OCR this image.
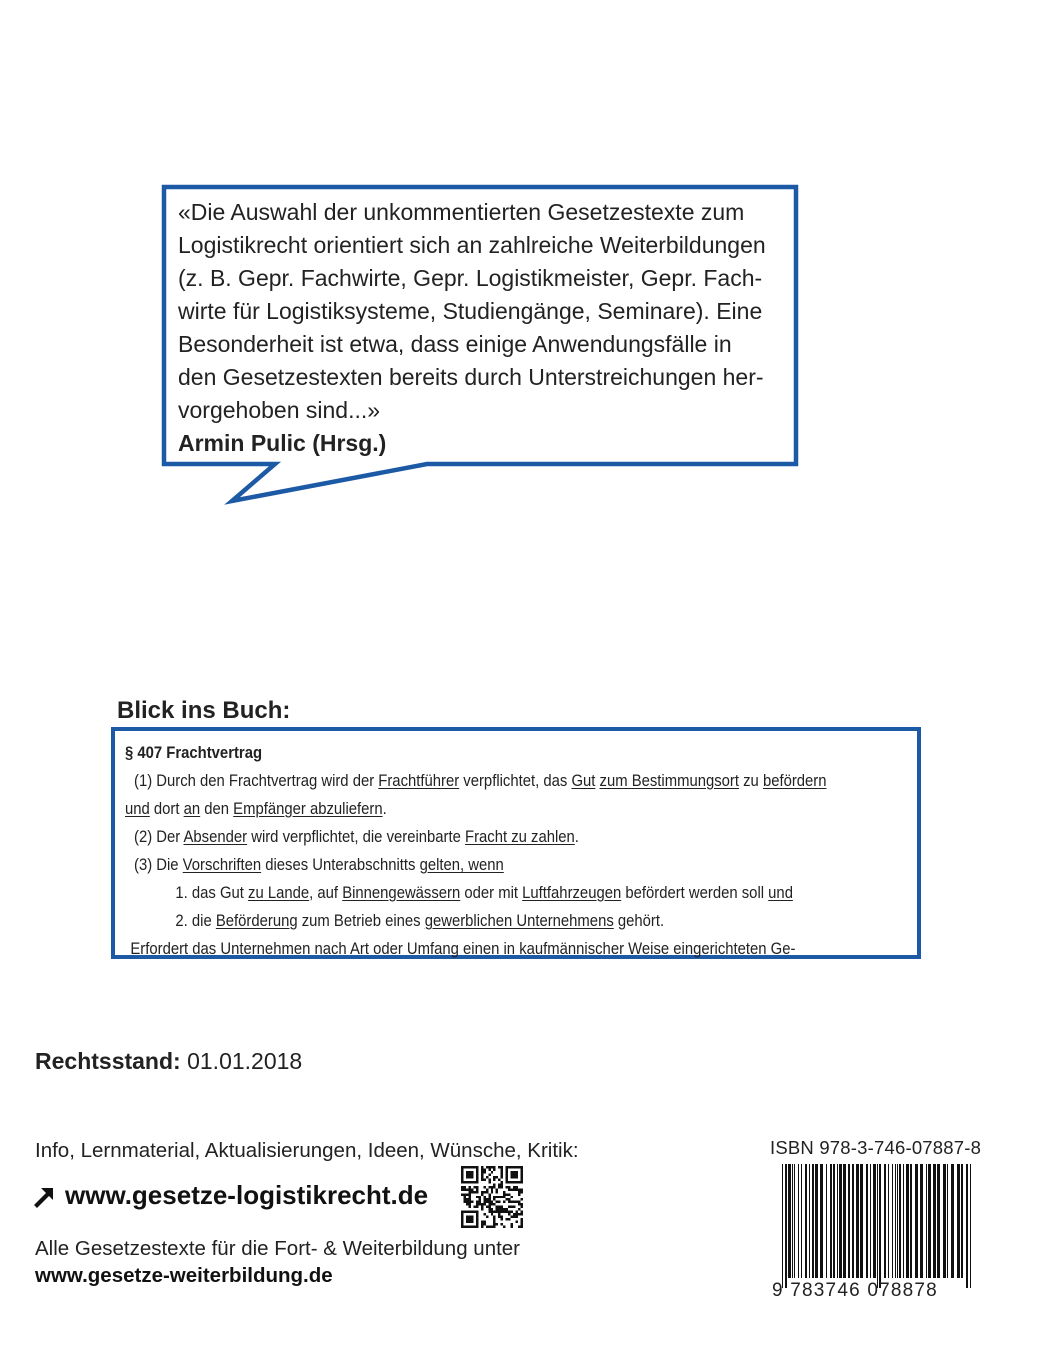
«Die Auswahl der unkommentierten Gesetzestexte zum
Logistikrecht orientiert sich an zahlreiche Weiterbildungen
(z. B. Gepr. Fachwirte, Gepr. Logistikmeister, Gepr. Fach-
wirte für Logistiksysteme, Studiengänge, Seminare). Eine
Besonderheit ist etwa, dass einige Anwendungsfälle in
den Gesetzestexten bereits durch Unterstreichungen her-
vorgehoben sind...»
Armin Pulic (Hrsg.)
Blick ins Buch:
§ 407 Frachtvertrag
(1) Durch den Frachtvertrag wird der Frachtführer verpflichtet, das Gut zum Bestimmungsort zu befördern
und dort an den Empfänger abzuliefern.
(2) Der Absender wird verpflichtet, die vereinbarte Fracht zu zahlen.
(3) Die Vorschriften dieses Unterabschnitts gelten, wenn
1. das Gut zu Lande, auf Binnengewässern oder mit Luftfahrzeugen befördert werden soll und
2. die Beförderung zum Betrieb eines gewerblichen Unternehmens gehört.
Erfordert das Unternehmen nach Art oder Umfang einen in kaufmännischer Weise eingerichteten Ge-
Rechtsstand: 01.01.2018
Info, Lernmaterial, Aktualisierungen, Ideen, Wünsche, Kritik:
www.gesetze-logistikrecht.de
Alle Gesetzestexte für die Fort- & Weiterbildung unter
www.gesetze-weiterbildung.de
ISBN 978-3-746-07887-8
9 783746 078878
